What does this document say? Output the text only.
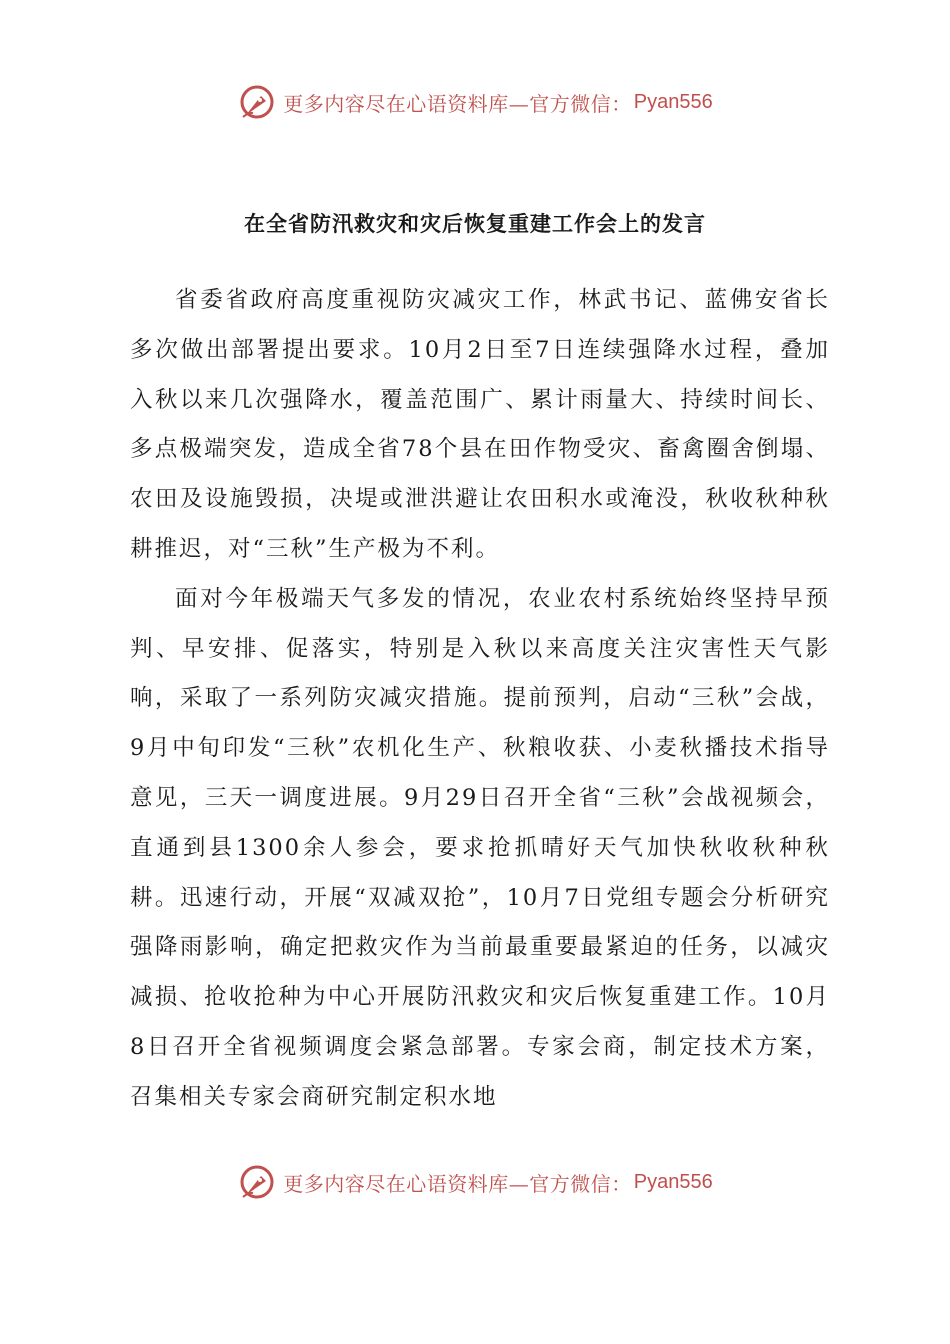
更多内容尽在心语资料库—官方微信： Pyan556
在全省防汛救灾和灾后恢复重建工作会上的发言

省委省政府高度重视防灾减灾工作，林武书记、蓝佛安省长多次做出部署提出要求。10月2日至7日连续强降水过程，叠加入秋以来几次强降水，覆盖范围广、累计雨量大、持续时间长、多点极端突发，造成全省78个县在田作物受灾、畜禽圈舍倒塌、农田及设施毁损，决堤或泄洪避让农田积水或淹没，秋收秋种秋耕推迟，对“三秋”生产极为不利。

面对今年极端天气多发的情况，农业农村系统始终坚持早预判、早安排、促落实，特别是入秋以来高度关注灾害性天气影响，采取了一系列防灾减灾措施。提前预判，启动“三秋”会战，9月中旬印发“三秋”农机化生产、秋粮收获、小麦秋播技术指导意见，三天一调度进展。9月29日召开全省“三秋”会战视频会，直通到县1300余人参会，要求抢抓晴好天气加快秋收秋种秋耕。迅速行动，开展“双减双抢”，10月7日党组专题会分析研究强降雨影响，确定把救灾作为当前最重要最紧迫的任务，以减灾减损、抢收抢种为中心开展防汛救灾和灾后恢复重建工作。10月8日召开全省视频调度会紧急部署。专家会商，制定技术方案，召集相关专家会商研究制定积水地

更多内容尽在心语资料库—官方微信： Pyan556
